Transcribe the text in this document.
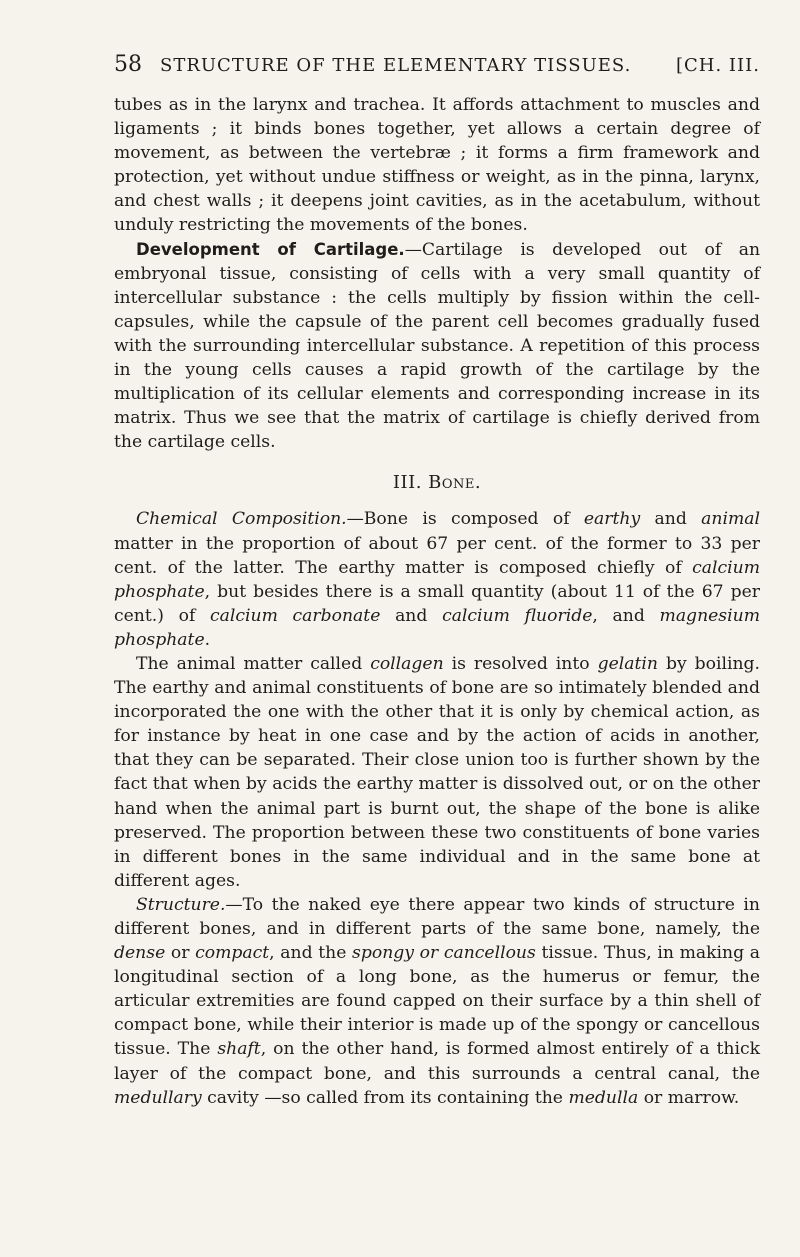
58	STRUCTURE OF THE ELEMENTARY TISSUES.	[CH. III.

tubes as in the larynx and trachea. It affords attachment to muscles and ligaments ; it binds bones together, yet allows a certain degree of movement, as between the vertebræ ; it forms a firm framework and protection, yet without undue stiffness or weight, as in the pinna, larynx, and chest walls ; it deepens joint cavities, as in the acetabulum, without unduly restricting the movements of the bones.

Development of Cartilage.—Cartilage is developed out of an embryonal tissue, consisting of cells with a very small quantity of intercellular substance : the cells multiply by fission within the cell-capsules, while the capsule of the parent cell becomes gradually fused with the surrounding intercellular substance. A repetition of this process in the young cells causes a rapid growth of the cartilage by the multiplication of its cellular elements and corresponding increase in its matrix. Thus we see that the matrix of cartilage is chiefly derived from the cartilage cells.

III. Bone.

Chemical Composition.—Bone is composed of earthy and animal matter in the proportion of about 67 per cent. of the former to 33 per cent. of the latter. The earthy matter is composed chiefly of calcium phosphate, but besides there is a small quantity (about 11 of the 67 per cent.) of calcium carbonate and calcium fluoride, and magnesium phosphate.

The animal matter called collagen is resolved into gelatin by boiling. The earthy and animal constituents of bone are so intimately blended and incorporated the one with the other that it is only by chemical action, as for instance by heat in one case and by the action of acids in another, that they can be separated. Their close union too is further shown by the fact that when by acids the earthy matter is dissolved out, or on the other hand when the animal part is burnt out, the shape of the bone is alike preserved. The proportion between these two constituents of bone varies in different bones in the same individual and in the same bone at different ages.

Structure.—To the naked eye there appear two kinds of structure in different bones, and in different parts of the same bone, namely, the dense or compact, and the spongy or cancellous tissue. Thus, in making a longitudinal section of a long bone, as the humerus or femur, the articular extremities are found capped on their surface by a thin shell of compact bone, while their interior is made up of the spongy or cancellous tissue. The shaft, on the other hand, is formed almost entirely of a thick layer of the compact bone, and this surrounds a central canal, the medullary cavity —so called from its containing the medulla or marrow.
